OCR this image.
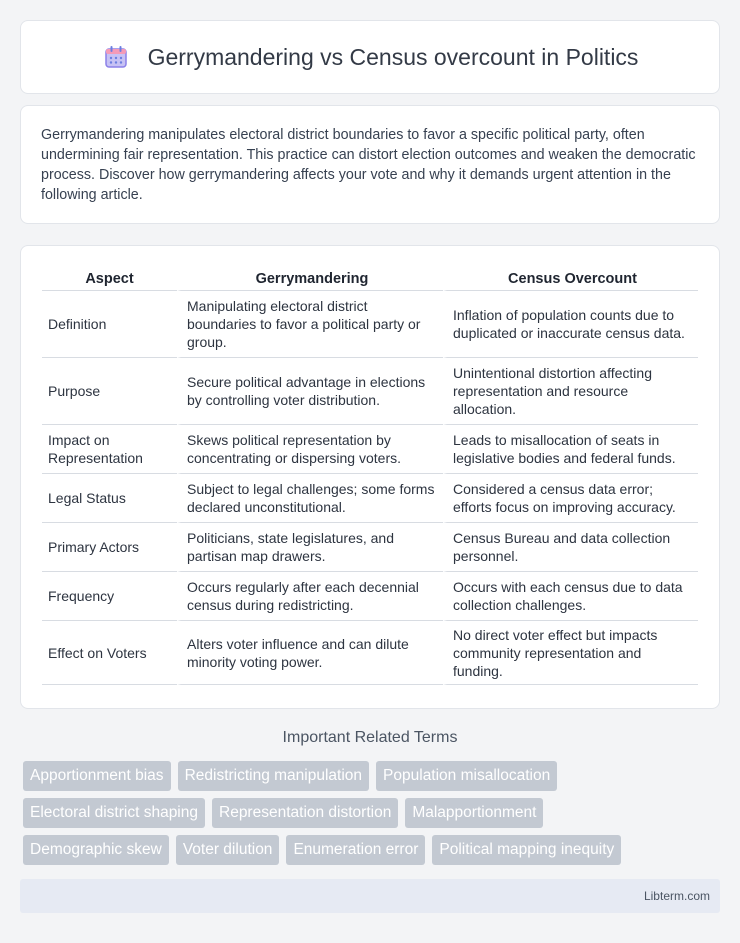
Gerrymandering vs Census overcount in Politics

Gerrymandering manipulates electoral district boundaries to favor a specific political party, often undermining fair representation. This practice can distort election outcomes and weaken the democratic process. Discover how gerrymandering affects your vote and why it demands urgent attention in the following article.

Aspect	Gerrymandering	Census Overcount
Definition	Manipulating electoral district boundaries to favor a political party or group.	Inflation of population counts due to duplicated or inaccurate census data.
Purpose	Secure political advantage in elections by controlling voter distribution.	Unintentional distortion affecting representation and resource allocation.
Impact on Representation	Skews political representation by concentrating or dispersing voters.	Leads to misallocation of seats in legislative bodies and federal funds.
Legal Status	Subject to legal challenges; some forms declared unconstitutional.	Considered a census data error; efforts focus on improving accuracy.
Primary Actors	Politicians, state legislatures, and partisan map drawers.	Census Bureau and data collection personnel.
Frequency	Occurs regularly after each decennial census during redistricting.	Occurs with each census due to data collection challenges.
Effect on Voters	Alters voter influence and can dilute minority voting power.	No direct voter effect but impacts community representation and funding.
Important Related Terms
Apportionment bias	Redistricting manipulation	Population misallocation
Electoral district shaping	Representation distortion	Malapportionment
Demographic skew	Voter dilution	Enumeration error	Political mapping inequity
Libterm.com
